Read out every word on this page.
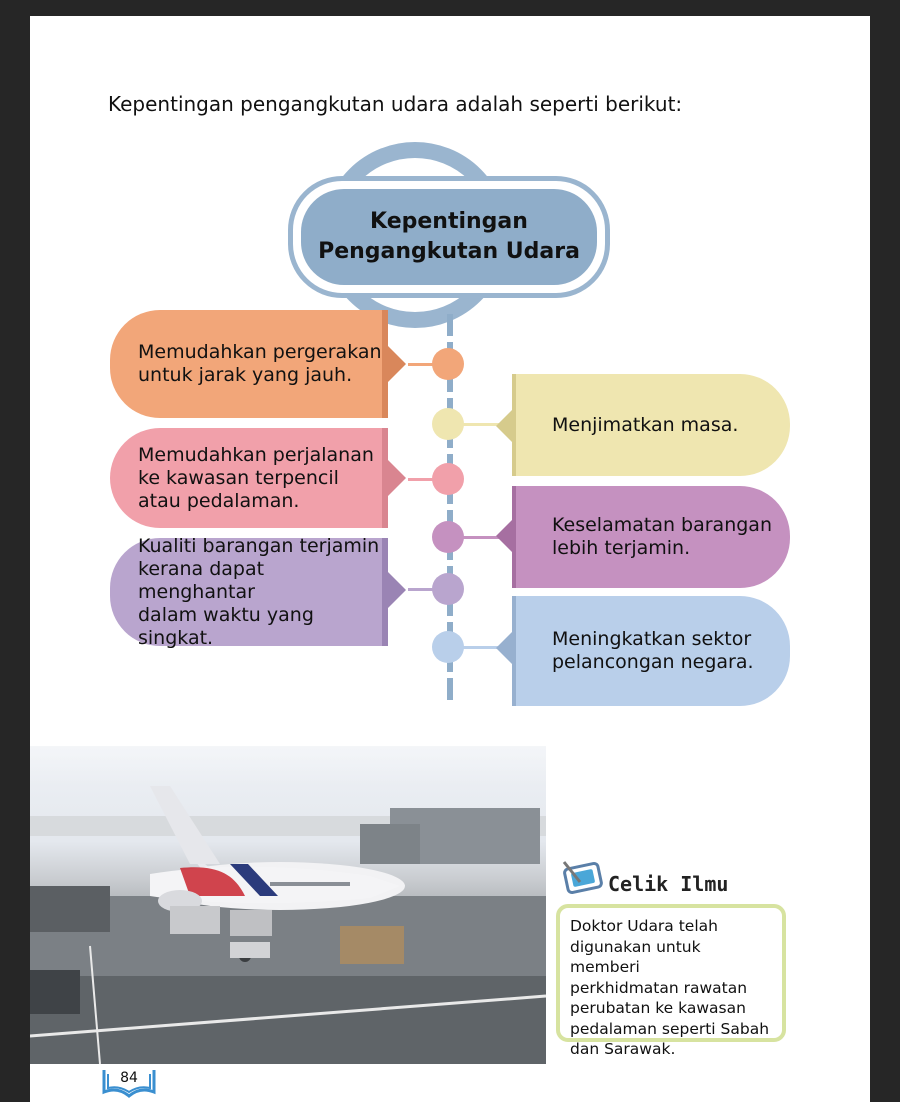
Kepentingan pengangkutan udara adalah seperti berikut:
Kepentingan
Pengangkutan Udara
Memudahkan pergerakan
untuk jarak yang jauh.
Memudahkan perjalanan
ke kawasan terpencil
atau pedalaman.
Kualiti barangan terjamin
kerana dapat menghantar
dalam waktu yang singkat.
Menjimatkan masa.
Keselamatan barangan
lebih terjamin.
Meningkatkan sektor
pelancongan negara.
Celik Ilmu
Doktor Udara telah
digunakan untuk memberi
perkhidmatan rawatan
perubatan ke kawasan
pedalaman seperti Sabah
dan Sarawak.
84
